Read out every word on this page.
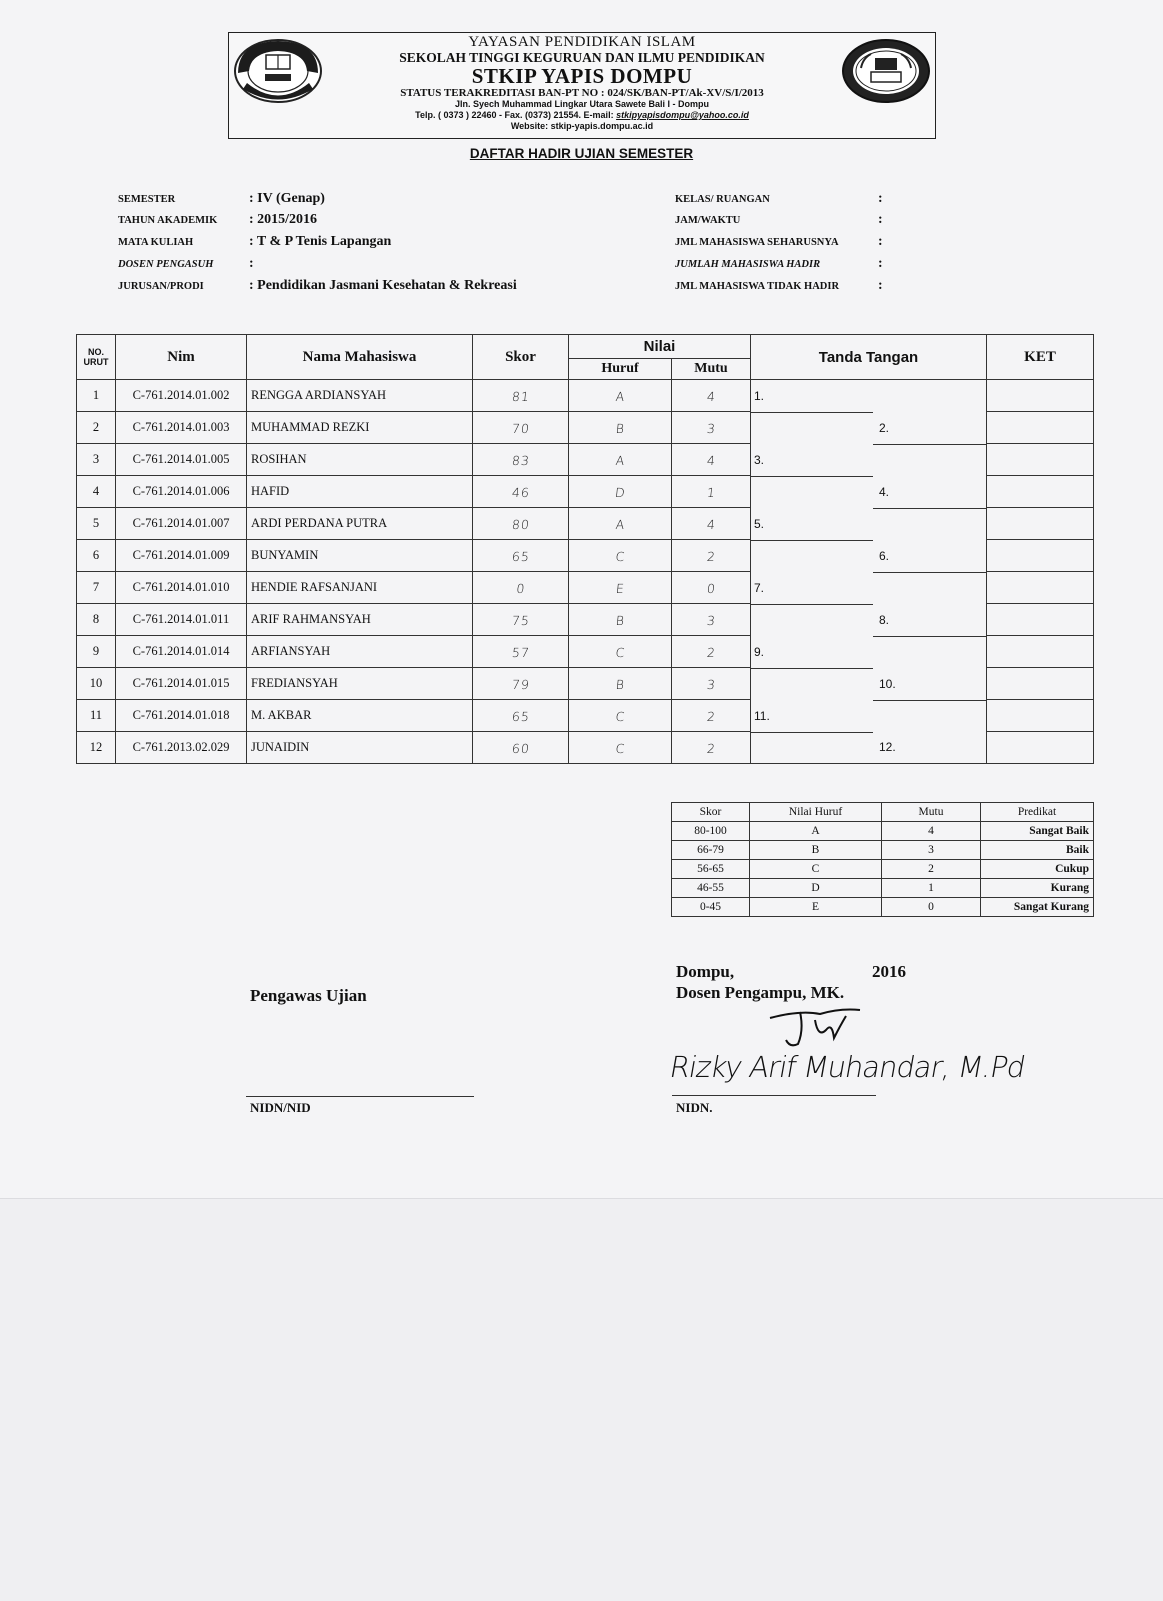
YAYASAN PENDIDIKAN ISLAM
SEKOLAH TINGGI KEGURUAN DAN ILMU PENDIDIKAN
STKIP YAPIS DOMPU
STATUS TERAKREDITASI BAN-PT NO : 024/SK/BAN-PT/Ak-XV/S/I/2013
Jln. Syech Muhammad Lingkar Utara Sawete Bali I - Dompu
Telp. ( 0373 ) 22460 - Fax. (0373) 21554. E-mail: stkipyapisdompu@yahoo.co.id
Website: stkip-yapis.dompu.ac.id
DAFTAR HADIR UJIAN SEMESTER
SEMESTER	: IV (Genap)
TAHUN AKADEMIK : 2015/2016
MATA KULIAH	: T & P Tenis Lapangan
DOSEN PENGASUH	:
JURUSAN/PRODI	: Pendidikan Jasmani Kesehatan & Rekreasi
KELAS/ RUANGAN	:
JAM/WAKTU	:
JML MAHASISWA SEHARUSNYA	:
JUMLAH MAHASISWA HADIR	:
JML MAHASISWA TIDAK HADIR	:
NO. URUT	Nim	Nama Mahasiswa	Skor	Nilai		Tanda Tangan	KET
				Huruf	Mutu		
1	C-761.2014.01.002	RENGGA ARDIANSYAH	81	A	4	1.

2	C-761.2014.01.003	MUHAMMAD REZKI	70	B	3	2.

3	C-761.2014.01.005	ROSIHAN	83	A	4	3.

4	C-761.2014.01.006	HAFID	46	D	1	4.

5	C-761.2014.01.007	ARDI PERDANA PUTRA	80	A	4	5.

6	C-761.2014.01.009	BUNYAMIN	65	C	2	6.

7	C-761.2014.01.010	HENDIE RAFSANJANI	0	E	0	7.

8	C-761.2014.01.011	ARIF RAHMANSYAH	75	B	3	8.

9	C-761.2014.01.014	ARFIANSYAH	57	C	2	9.

10	C-761.2014.01.015	FREDIANSYAH	79	B	3	10.

11	C-761.2014.01.018	M. AKBAR	65	C	2	11.

12	C-761.2013.02.029	JUNAIDIN	60	C	2	12.	
Skor	Nilai Huruf	Mutu	Predikat
80-100	A	4	Sangat Baik
66-79	B	3	Baik
56-65	C	2	Cukup
46-55	D	1	Kurang
0-45	E	0	Sangat Kurang
Pengawas Ujian
NIDN/NID
Dompu,	2016
Dosen Pengampu, MK.
Rizky Arif Muhandar, M.Pd
NIDN.
